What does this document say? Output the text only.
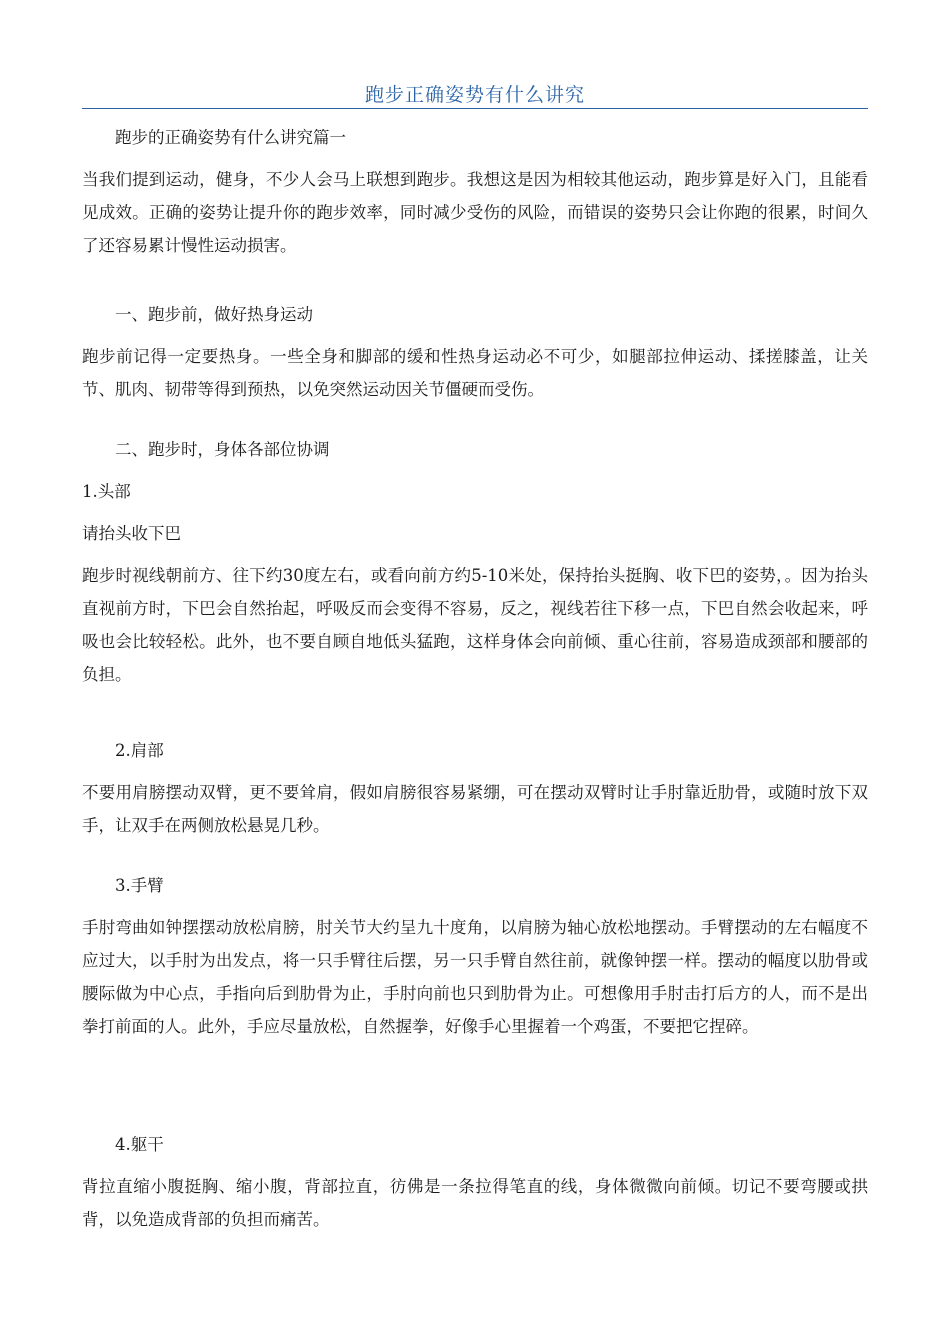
跑步正确姿势有什么讲究

跑步的正确姿势有什么讲究篇一

当我们提到运动，健身，不少人会马上联想到跑步。我想这是因为相较其他运动，跑步算是好入门，且能看见成效。正确的姿势让提升你的跑步效率，同时减少受伤的风险，而错误的姿势只会让你跑的很累，时间久了还容易累计慢性运动损害。

一、跑步前，做好热身运动

跑步前记得一定要热身。一些全身和脚部的缓和性热身运动必不可少，如腿部拉伸运动、揉搓膝盖，让关节、肌肉、韧带等得到预热，以免突然运动因关节僵硬而受伤。

二、跑步时，身体各部位协调

1.头部

请抬头收下巴

跑步时视线朝前方、往下约30度左右，或看向前方约5-10米处，保持抬头挺胸、收下巴的姿势，。因为抬头直视前方时，下巴会自然抬起，呼吸反而会变得不容易，反之，视线若往下移一点，下巴自然会收起来，呼吸也会比较轻松。此外，也不要自顾自地低头猛跑，这样身体会向前倾、重心往前，容易造成颈部和腰部的负担。

2.肩部

不要用肩膀摆动双臂，更不要耸肩，假如肩膀很容易紧绷，可在摆动双臂时让手肘靠近肋骨，或随时放下双手，让双手在两侧放松悬晃几秒。

3.手臂

手肘弯曲如钟摆摆动放松肩膀，肘关节大约呈九十度角，以肩膀为轴心放松地摆动。手臂摆动的左右幅度不应过大，以手肘为出发点，将一只手臂往后摆，另一只手臂自然往前，就像钟摆一样。摆动的幅度以肋骨或腰际做为中心点，手指向后到肋骨为止，手肘向前也只到肋骨为止。可想像用手肘击打后方的人，而不是出拳打前面的人。此外，手应尽量放松，自然握拳，好像手心里握着一个鸡蛋，不要把它捏碎。

4.躯干

背拉直缩小腹挺胸、缩小腹，背部拉直，彷佛是一条拉得笔直的线，身体微微向前倾。切记不要弯腰或拱背，以免造成背部的负担而痛苦。
